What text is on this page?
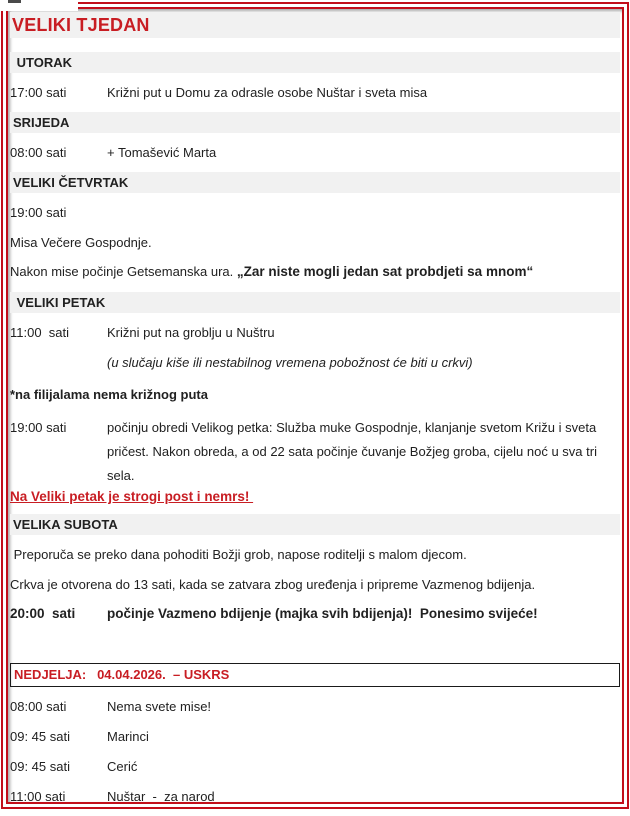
VELIKI TJEDAN
UTORAK
17:00 sati	Križni put u Domu za odrasle osobe Nuštar i sveta misa
SRIJEDA
08:00 sati	+ Tomašević Marta
VELIKI ČETVRTAK
19:00 sati
Misa Večere Gospodnje.
Nakon mise počinje Getsemanska ura. „Zar niste mogli jedan sat probdjeti sa mnom“
VELIKI PETAK
11:00  sati	Križni put na groblju u Nuštru
(u slučaju kiše ili nestabilnog vremena pobožnost će biti u crkvi)
*na filijalama nema križnog puta
19:00 sati	počinju obredi Velikog petka: Služba muke Gospodnje, klanjanje svetom Križu i sveta pričest. Nakon obreda, a od 22 sata počinje čuvanje Božjeg groba, cijelu noć u sva tri sela.
Na Veliki petak je strogi post i nemrs!
VELIKA SUBOTA
Preporuča se preko dana pohoditi Božji grob, napose roditelji s malom djecom.
Crkva je otvorena do 13 sati, kada se zatvara zbog uređenja i pripreme Vazmenog bdijenja.
20:00  sati	počinje Vazmeno bdijenje (majka svih bdijenja)!  Ponesimo svijeće!
NEDJELJA:   04.04.2026.  – USKRS
08:00 sati	Nema svete mise!
09: 45 sati	Marinci
09: 45 sati	Cerić
11:00 sati	Nuštar  -  za narod
